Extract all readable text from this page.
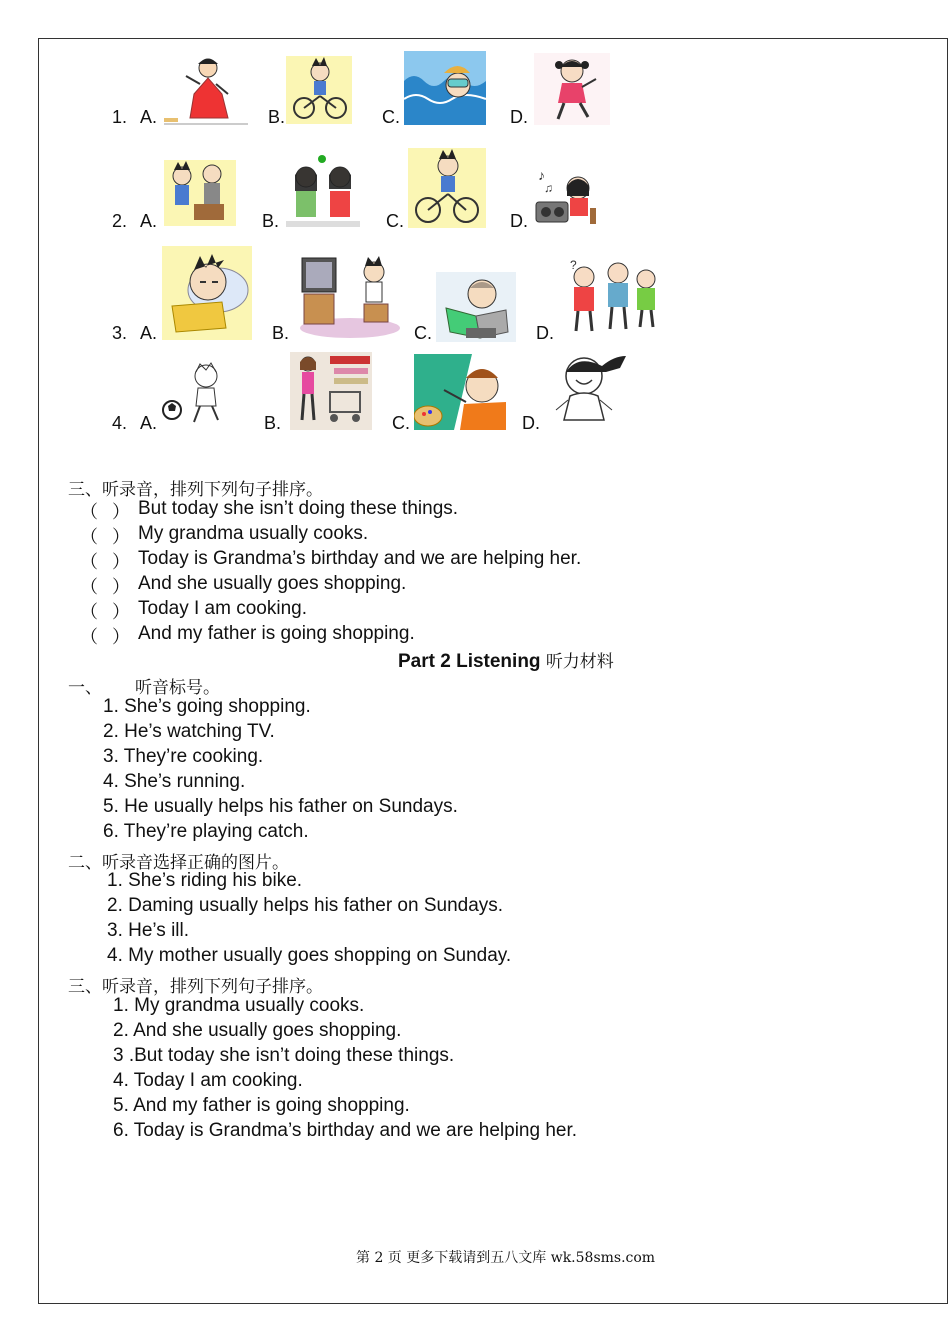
1. A.	B.	C.	D.
2. A.	B.	C.	D.
♪
♫
3. A.	B.	C.	D.
?
4. A.	B.	C.	D.
三、听录音，排列下列句子排序。
（ ） But today she isn’t doing these things.
（ ） My grandma usually cooks.
（ ） Today is Grandma’s birthday and we are helping her.
（ ） And she usually goes shopping.
（ ） Today I am cooking.
（ ） And my father is going shopping.
Part 2 Listening 听力材料
一、 听音标号。
1. She’s going shopping.
2. He’s watching TV.
3. They’re cooking.
4. She’s running.
5. He usually helps his father on Sundays.
6. They’re playing catch.
二、听录音选择正确的图片。
1. She’s riding his bike.
2. Daming usually helps his father on Sundays.
3. He’s ill.
4. My mother usually goes shopping on Sunday.
三、听录音，排列下列句子排序。
1. My grandma usually cooks.
2. And she usually goes shopping.
3 .But today she isn’t doing these things.
4. Today I am cooking.
5. And my father is going shopping.
6. Today is Grandma’s birthday and we are helping her.
第 2 页 更多下载请到五八文库 wk.58sms.com
